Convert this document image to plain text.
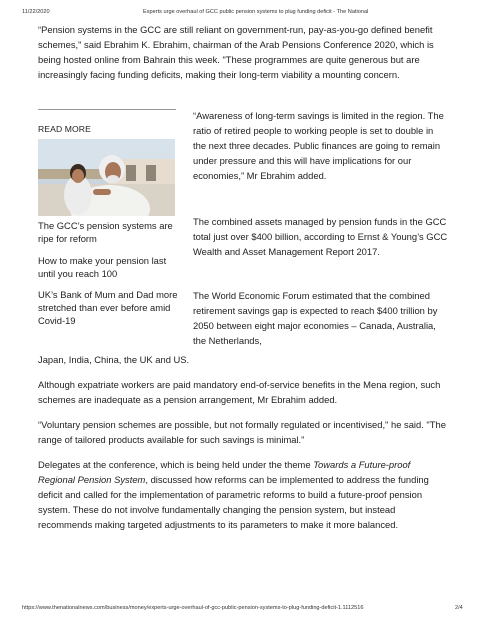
11/22/2020	Experts urge overhaul of GCC public pension systems to plug funding deficit - The National

“Pension systems in the GCC are still reliant on government-run, pay-as-you-go defined benefit schemes," said Ebrahim K. Ebrahim, chairman of the Arab Pensions Conference 2020, which is being hosted online from Bahrain this week. "These programmes are quite generous but are increasingly facing funding deficits, making their long-term viability a mounting concern.

READ MORE
The GCC’s pension systems are ripe for reform
How to make your pension last until you reach 100
UK’s Bank of Mum and Dad more stretched than ever before amid Covid-19

“Awareness of long-term savings is limited in the region. The ratio of retired people to working people is set to double in the next three decades. Public finances are going to remain under pressure and this will have implications for our economies,” Mr Ebrahim added.

The combined assets managed by pension funds in the GCC total just over $400 billion, according to Ernst & Young’s GCC Wealth and Asset Management Report 2017.

The World Economic Forum estimated that the combined retirement savings gap is expected to reach $400 trillion by 2050 between eight major economies – Canada, Australia, the Netherlands,

Japan, India, China, the UK and US.

Although expatriate workers are paid mandatory end-of-service benefits in the Mena region, such schemes are inadequate as a pension arrangement, Mr Ebrahim added.

“Voluntary pension schemes are possible, but not formally regulated or incentivised," he said. "The range of tailored products available for such savings is minimal.”

Delegates at the conference, which is being held under the theme Towards a Future-proof Regional Pension System, discussed how reforms can be implemented to address the funding deficit and called for the implementation of parametric reforms to build a future-proof pension system. These do not involve fundamentally changing the pension system, but instead recommends making targeted adjustments to its parameters to make it more balanced.

https://www.thenationalnews.com/business/money/experts-urge-overhaul-of-gcc-public-pension-systems-to-plug-funding-deficit-1.1112516	2/4
